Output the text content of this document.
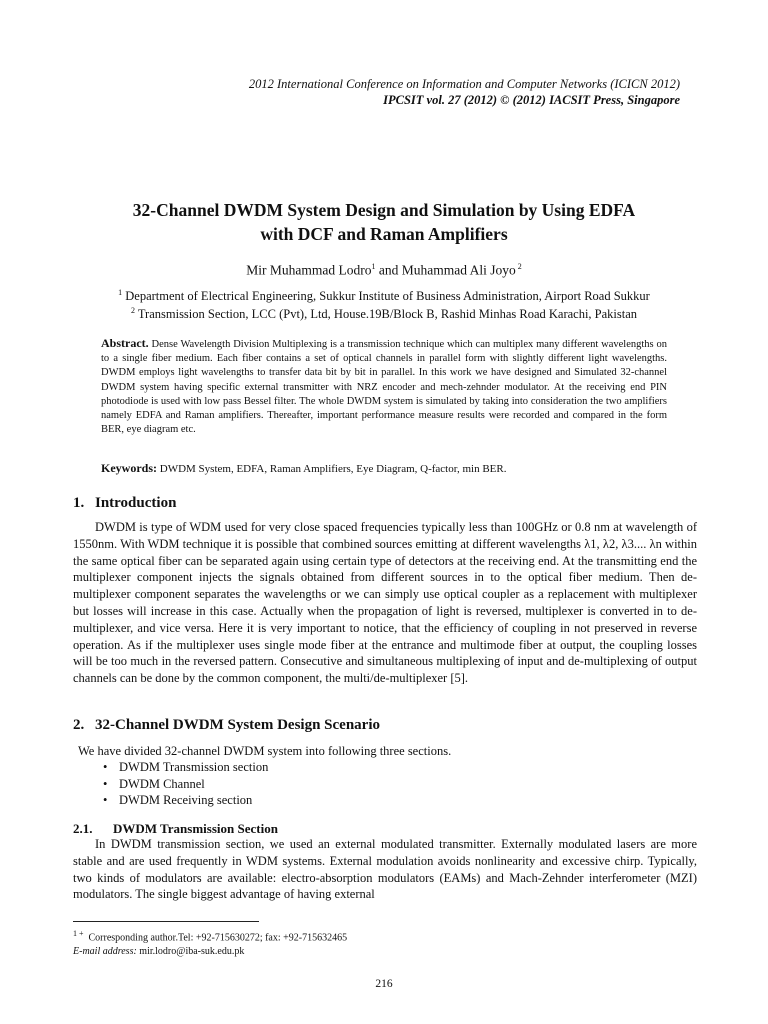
2012 International Conference on Information and Computer Networks (ICICN 2012)
IPCSIT vol. 27 (2012) © (2012) IACSIT Press, Singapore
32-Channel DWDM System Design and Simulation by Using EDFA
with DCF and Raman Amplifiers
Mir Muhammad Lodro$^1$ and Muhammad Ali Joyo $^2$
$^1$ Department of Electrical Engineering, Sukkur Institute of Business Administration, Airport Road Sukkur
$^2$ Transmission Section, LCC (Pvt), Ltd, House.19B/Block B, Rashid Minhas Road Karachi, Pakistan
Abstract. Dense Wavelength Division Multiplexing is a transmission technique which can multiplex many different wavelengths on to a single fiber medium. Each fiber contains a set of optical channels in parallel form with slightly different light wavelengths. DWDM employs light wavelengths to transfer data bit by bit in parallel. In this work we have designed and Simulated 32-channel DWDM system having specific external transmitter with NRZ encoder and mech-zehnder modulator. At the receiving end PIN photodiode is used with low pass Bessel filter. The whole DWDM system is simulated by taking into consideration the two amplifiers namely EDFA and Raman amplifiers. Thereafter, important performance measure results were recorded and compared in the form BER, eye diagram etc.
Keywords: DWDM System, EDFA, Raman Amplifiers, Eye Diagram, Q-factor, min BER.
1. Introduction

DWDM is type of WDM used for very close spaced frequencies typically less than 100GHz or 0.8 nm at wavelength of 1550nm. With WDM technique it is possible that combined sources emitting at different wavelengths λ1, λ2, λ3.... λn within the same optical fiber can be separated again using certain type of detectors at the receiving end. At the transmitting end the multiplexer component injects the signals obtained from different sources in to the optical fiber medium. Then de-multiplexer component separates the wavelengths or we can simply use optical coupler as a replacement with multiplexer but losses will increase in this case. Actually when the propagation of light is reversed, multiplexer is converted in to de-multiplexer, and vice versa. Here it is very important to notice, that the efficiency of coupling in not preserved in reverse operation. As if the multiplexer uses single mode fiber at the entrance and multimode fiber at output, the coupling losses will be too much in the reversed pattern. Consecutive and simultaneous multiplexing of input and de-multiplexing of output channels can be done by the common component, the multi/de-multiplexer [5].

2. 32-Channel DWDM System Design Scenario
We have divided 32-channel DWDM system into following three sections.
• DWDM Transmission section
• DWDM Channel
• DWDM Receiving section
2.1. DWDM Transmission Section

In DWDM transmission section, we used an external modulated transmitter. Externally modulated lasers are more stable and are used frequently in WDM systems. External modulation avoids nonlinearity and excessive chirp. Typically, two kinds of modulators are available: electro-absorption modulators (EAMs) and Mach-Zehnder interferometer (MZI) modulators. The single biggest advantage of having external

$^{1 +}$ Corresponding author.Tel: +92-715630272; fax: +92-715632465
E-mail address: mir.lodro@iba-suk.edu.pk
216
